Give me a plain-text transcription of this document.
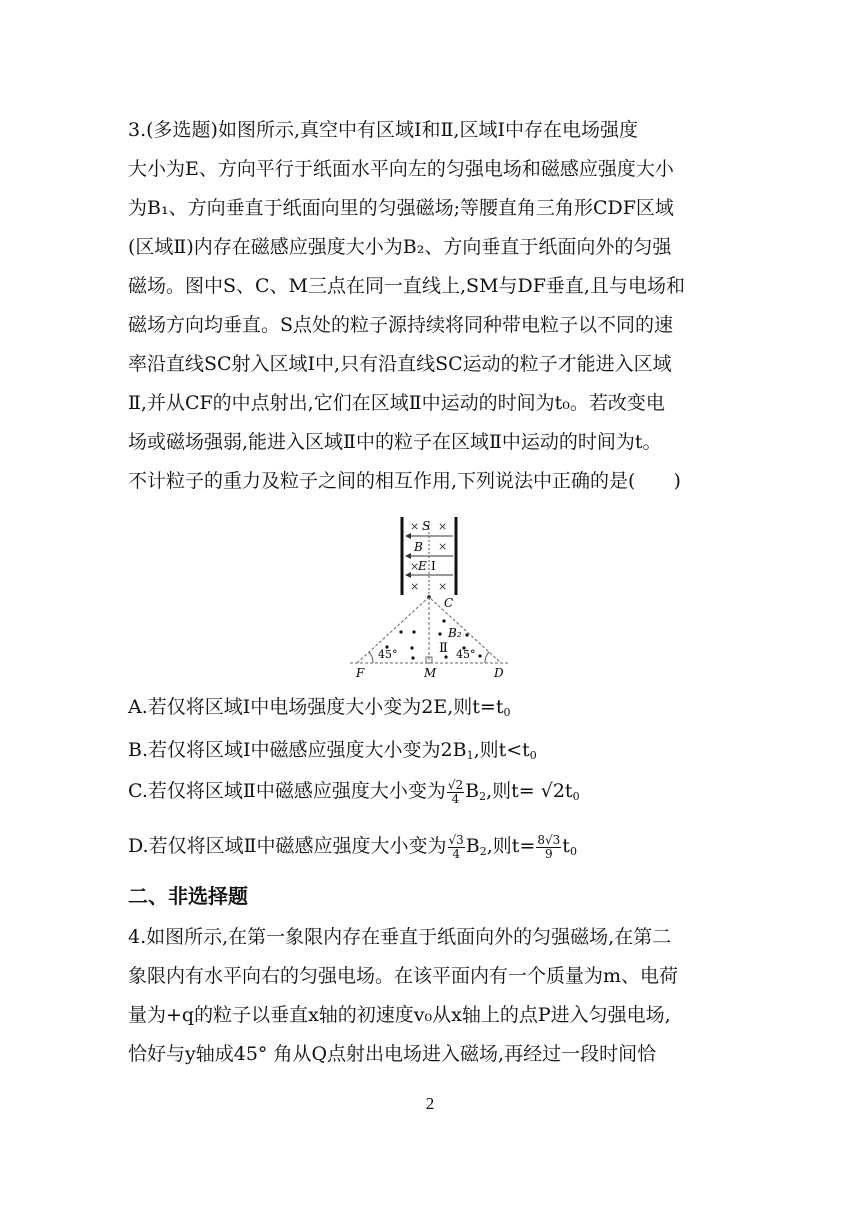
3.(多选题)如图所示,真空中有区域Ⅰ和Ⅱ,区域Ⅰ中存在电场强度
大小为E、方向平行于纸面水平向左的匀强电场和磁感应强度大小
为B₁、方向垂直于纸面向里的匀强磁场;等腰直角三角形CDF区域
(区域Ⅱ)内存在磁感应强度大小为B₂、方向垂直于纸面向外的匀强
磁场。图中S、C、M三点在同一直线上,SM与DF垂直,且与电场和
磁场方向均垂直。S点处的粒子源持续将同种带电粒子以不同的速
率沿直线SC射入区域Ⅰ中,只有沿直线SC运动的粒子才能进入区域
Ⅱ,并从CF的中点射出,它们在区域Ⅱ中运动的时间为t₀。若改变电
场或磁场强弱,能进入区域Ⅱ中的粒子在区域Ⅱ中运动的时间为t。
不计粒子的重力及粒子之间的相互作用,下列说法中正确的是(　　)
× ×
×
×
× ×
S
B
E Ⅰ
C
45°	45°
B₂
Ⅱ
F	M	D
A.若仅将区域Ⅰ中电场强度大小变为2E,则$t=t_0$
B.若仅将区域Ⅰ中磁感应强度大小变为$2B_1$,则$t<t_0$
C.若仅将区域Ⅱ中磁感应强度大小变为 $\frac{√2}{4} B_2$,则$t= √2t_0$
D.若仅将区域Ⅱ中磁感应强度大小变为 $\frac{√3}{4} B_2$,则$t= \frac{8√3}{9} t_0$
二、非选择题
4.如图所示,在第一象限内存在垂直于纸面向外的匀强磁场,在第二
象限内有水平向右的匀强电场。在该平面内有一个质量为m、电荷
量为+q的粒子以垂直x轴的初速度v₀从x轴上的点P进入匀强电场,
恰好与y轴成45° 角从Q点射出电场进入磁场,再经过一段时间恰
2
